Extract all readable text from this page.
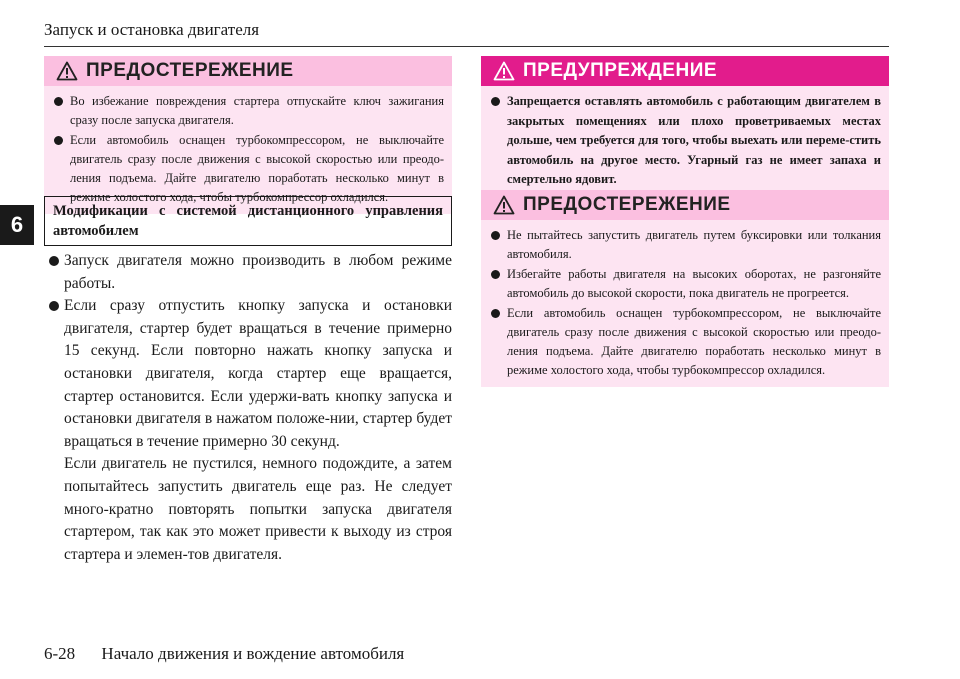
Запуск и остановка двигателя
6
ПРЕДОСТЕРЕЖЕНИЕ
Во избежание повреждения стартера отпускайте ключ зажигания сразу после запуска двигателя.
Если автомобиль оснащен турбокомпрессором, не выключайте двигатель сразу после движения с высокой скоростью или преодо-ления подъема. Дайте двигателю поработать несколько минут в режиме холостого хода, чтобы турбокомпрессор охладился.
Модификации с системой дистанционного управления автомобилем
Запуск двигателя можно производить в любом режиме работы.
Если сразу отпустить кнопку запуска и остановки двигателя, стартер будет вращаться в течение примерно 15 секунд. Если повторно нажать кнопку запуска и остановки двигателя, когда стартер еще вращается, стартер остановится. Если удержи-вать кнопку запуска и остановки двигателя в нажатом положе-нии, стартер будет вращаться в течение примерно 30 секунд.

Если двигатель не пустился, немного подождите, а затем попытайтесь запустить двигатель еще раз. Не следует много-кратно повторять попытки запуска двигателя стартером, так как это может привести к выходу из строя стартера и элемен-тов двигателя.

ПРЕДУПРЕЖДЕНИЕ
Запрещается оставлять автомобиль с работающим двигателем в закрытых помещениях или плохо проветриваемых местах дольше, чем требуется для того, чтобы выехать или переме-стить автомобиль на другое место. Угарный газ не имеет запаха и смертельно ядовит.
ПРЕДОСТЕРЕЖЕНИЕ
Не пытайтесь запустить двигатель путем буксировки или толкания автомобиля.
Избегайте работы двигателя на высоких оборотах, не разгоняйте автомобиль до высокой скорости, пока двигатель не прогреется.
Если автомобиль оснащен турбокомпрессором, не выключайте двигатель сразу после движения с высокой скоростью или преодо-ления подъема. Дайте двигателю поработать несколько минут в режиме холостого хода, чтобы турбокомпрессор охладился.
6-28 Начало движения и вождение автомобиля
